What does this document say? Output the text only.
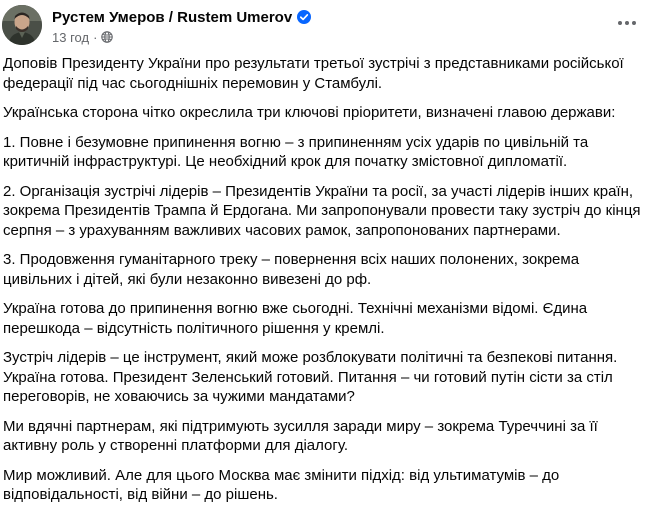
Рустем Умеров / Rustem Umerov
13 год ·

Доповів Президенту України про результати третьої зустрічі з представниками російської федерації під час сьогоднішніх перемовин у Стамбулі.

Українська сторона чітко окреслила три ключові пріоритети, визначені главою держави:

1. Повне і безумовне припинення вогню – з припиненням усіх ударів по цивільній та критичній інфраструктурі. Це необхідний крок для початку змістовної дипломатії.

2. Організація зустрічі лідерів – Президентів України та росії, за участі лідерів інших країн, зокрема Президентів Трампа й Ердогана. Ми запропонували провести таку зустріч до кінця серпня – з урахуванням важливих часових рамок, запропонованих партнерами.

3. Продовження гуманітарного треку – повернення всіх наших полонених, зокрема цивільних і дітей, які були незаконно вивезені до рф.

Україна готова до припинення вогню вже сьогодні. Технічні механізми відомі. Єдина перешкода – відсутність політичного рішення у кремлі.

Зустріч лідерів – це інструмент, який може розблокувати політичні та безпекові питання. Україна готова. Президент Зеленський готовий. Питання – чи готовий путін сісти за стіл переговорів, не ховаючись за чужими мандатами?

Ми вдячні партнерам, які підтримують зусилля заради миру – зокрема Туреччині за її активну роль у створенні платформи для діалогу.

Мир можливий. Але для цього Москва має змінити підхід: від ультиматумів – до відповідальності, від війни – до рішень.
